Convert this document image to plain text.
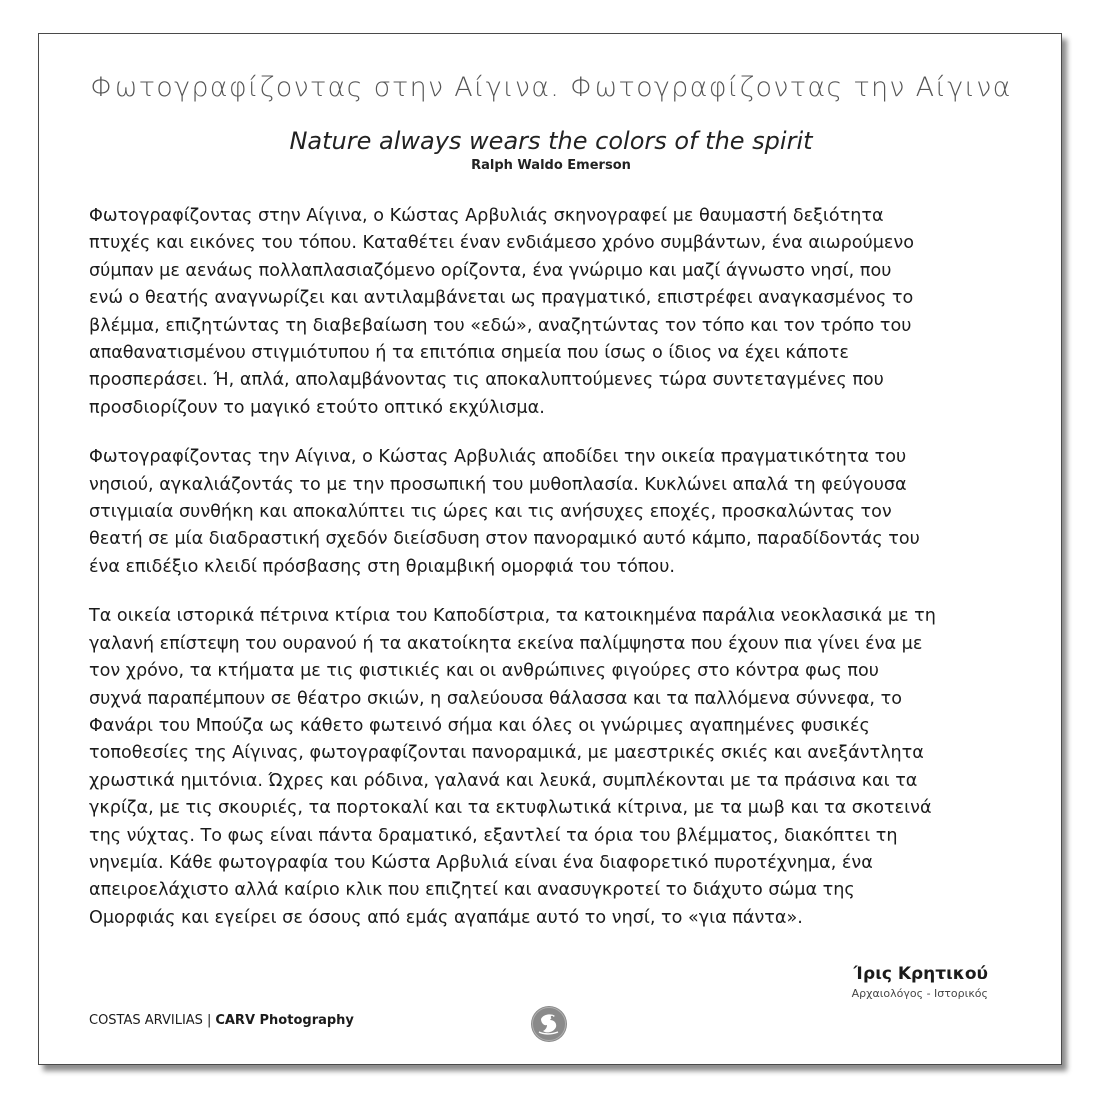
Φωτογραφίζοντας στην Αίγινα. Φωτογραφίζοντας την Αίγινα
Nature always wears the colors of the spirit
Ralph Waldo Emerson
Φωτογραφίζοντας στην Αίγινα, ο Κώστας Αρβυλιάς σκηνογραφεί με θαυμαστή δεξιότητα
πτυχές και εικόνες του τόπου. Καταθέτει έναν ενδιάμεσο χρόνο συμβάντων, ένα αιωρούμενο
σύμπαν με αενάως πολλαπλασιαζόμενο ορίζοντα, ένα γνώριμο και μαζί άγνωστο νησί, που
ενώ ο θεατής αναγνωρίζει και αντιλαμβάνεται ως πραγματικό, επιστρέφει αναγκασμένος το
βλέμμα, επιζητώντας τη διαβεβαίωση του «εδώ», αναζητώντας τον τόπο και τον τρόπο του
απαθανατισμένου στιγμιότυπου ή τα επιτόπια σημεία που ίσως ο ίδιος να έχει κάποτε
προσπεράσει. Ή, απλά, απολαμβάνοντας τις αποκαλυπτούμενες τώρα συντεταγμένες που
προσδιορίζουν το μαγικό ετούτο οπτικό εκχύλισμα.
Φωτογραφίζοντας την Αίγινα, ο Κώστας Αρβυλιάς αποδίδει την οικεία πραγματικότητα του
νησιού, αγκαλιάζοντάς το με την προσωπική του μυθοπλασία. Κυκλώνει απαλά τη φεύγουσα
στιγμιαία συνθήκη και αποκαλύπτει τις ώρες και τις ανήσυχες εποχές, προσκαλώντας τον
θεατή σε μία διαδραστική σχεδόν διείσδυση στον πανοραμικό αυτό κάμπο, παραδίδοντάς του
ένα επιδέξιο κλειδί πρόσβασης στη θριαμβική ομορφιά του τόπου.
Τα οικεία ιστορικά πέτρινα κτίρια του Καποδίστρια, τα κατοικημένα παράλια νεοκλασικά με τη
γαλανή επίστεψη του ουρανού ή τα ακατοίκητα εκείνα παλίμψηστα που έχουν πια γίνει ένα με
τον χρόνο, τα κτήματα με τις φιστικιές και οι ανθρώπινες φιγούρες στο κόντρα φως που
συχνά παραπέμπουν σε θέατρο σκιών, η σαλεύουσα θάλασσα και τα παλλόμενα σύννεφα, το
Φανάρι του Μπούζα ως κάθετο φωτεινό σήμα και όλες οι γνώριμες αγαπημένες φυσικές
τοποθεσίες της Αίγινας, φωτογραφίζονται πανοραμικά, με μαεστρικές σκιές και ανεξάντλητα
χρωστικά ημιτόνια. Ώχρες και ρόδινα, γαλανά και λευκά, συμπλέκονται με τα πράσινα και τα
γκρίζα, με τις σκουριές, τα πορτοκαλί και τα εκτυφλωτικά κίτρινα, με τα μωβ και τα σκοτεινά
της νύχτας. Το φως είναι πάντα δραματικό, εξαντλεί τα όρια του βλέμματος, διακόπτει τη
νηνεμία. Κάθε φωτογραφία του Κώστα Αρβυλιά είναι ένα διαφορετικό πυροτέχνημα, ένα
απειροελάχιστο αλλά καίριο κλικ που επιζητεί και ανασυγκροτεί το διάχυτο σώμα της
Ομορφιάς και εγείρει σε όσους από εμάς αγαπάμε αυτό το νησί, το «για πάντα».
Ίρις Κρητικού
Αρχαιολόγος - Ιστορικός
COSTAS ARVILIAS | CARV Photography
